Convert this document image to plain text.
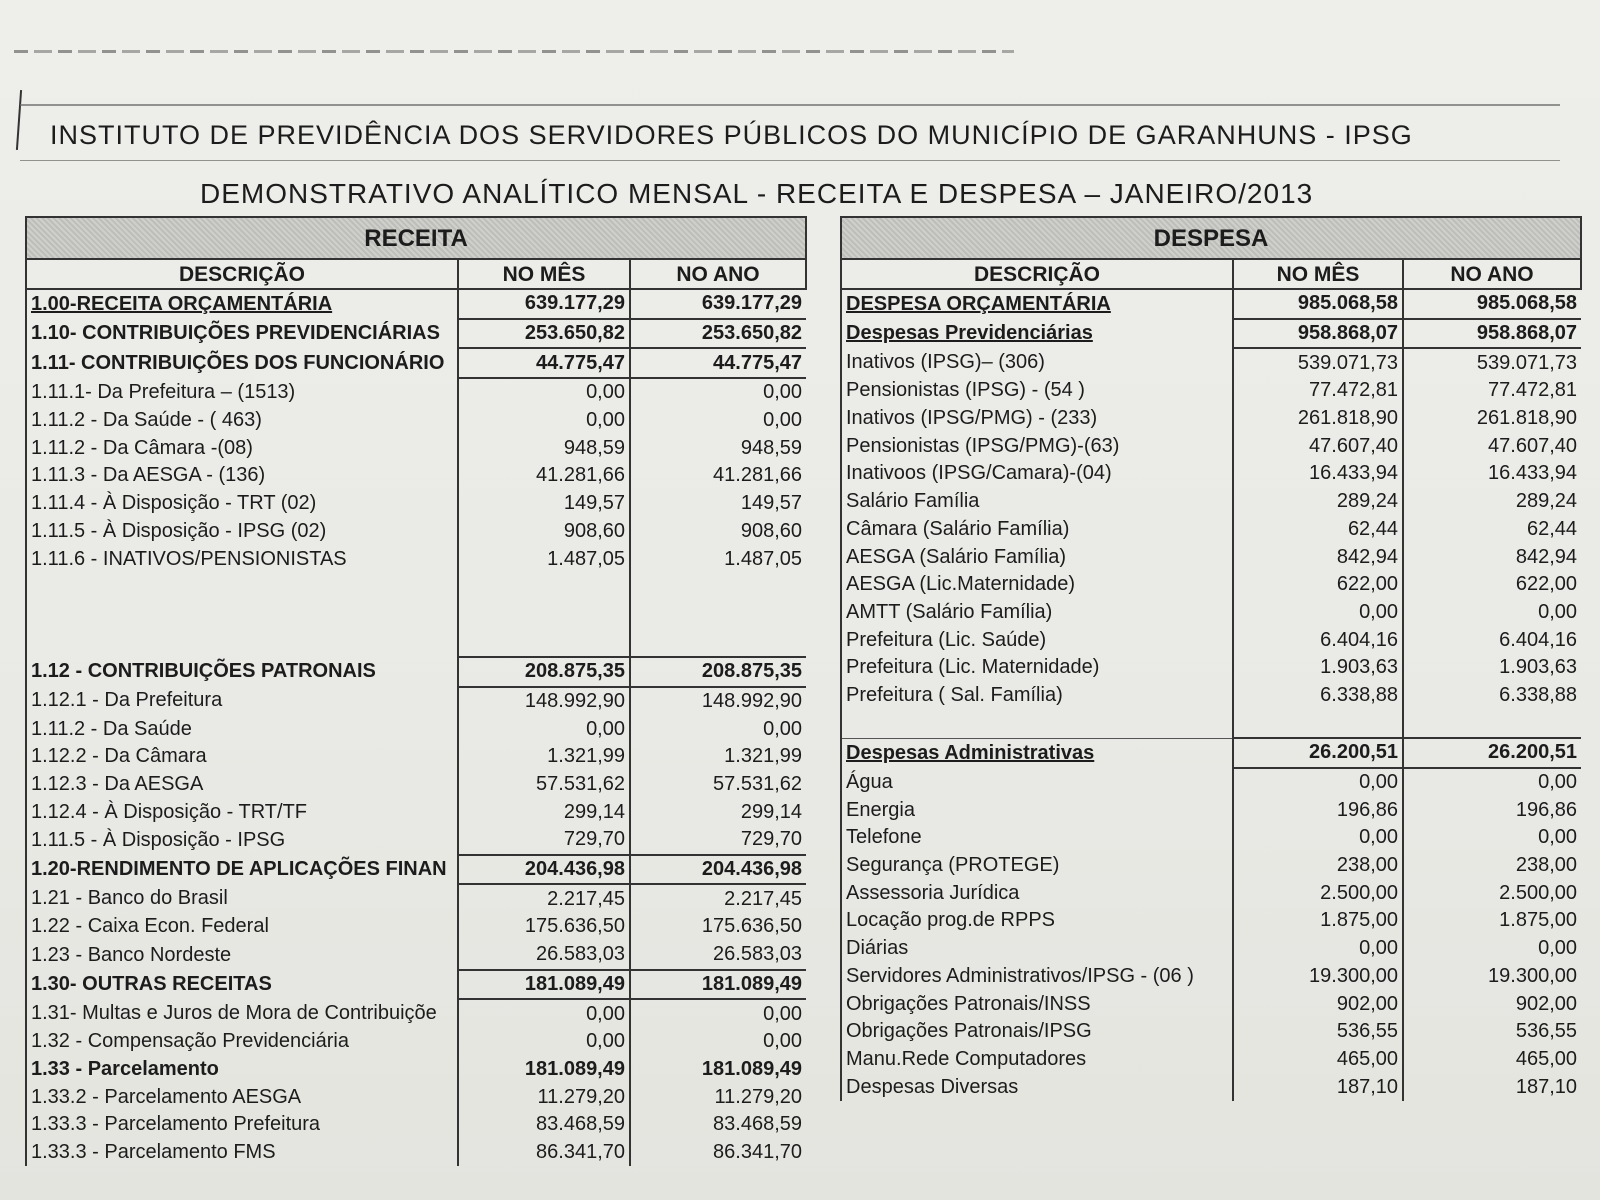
INSTITUTO DE PREVIDÊNCIA DOS SERVIDORES PÚBLICOS DO MUNICÍPIO DE GARANHUNS - IPSG
DEMONSTRATIVO ANALÍTICO MENSAL - RECEITA E DESPESA – JANEIRO/2013
RECEITA		
DESCRIÇÃO	NO MÊS	NO ANO
1.00-RECEITA ORÇAMENTÁRIA	639.177,29	639.177,29
1.10- CONTRIBUIÇÕES PREVIDENCIÁRIAS	253.650,82	253.650,82
1.11- CONTRIBUIÇÕES DOS FUNCIONÁRIO	44.775,47	44.775,47
1.11.1- Da Prefeitura – (1513)	0,00	0,00
1.11.2 - Da Saúde - ( 463)	0,00	0,00
1.11.2 - Da Câmara -(08)	948,59	948,59
1.11.3 - Da AESGA - (136)	41.281,66	41.281,66
1.11.4 - À Disposição - TRT (02)	149,57	149,57
1.11.5 - À Disposição - IPSG (02)	908,60	908,60
1.11.6 - INATIVOS/PENSIONISTAS	1.487,05	1.487,05

1.12 - CONTRIBUIÇÕES PATRONAIS	208.875,35	208.875,35
1.12.1 - Da Prefeitura	148.992,90	148.992,90
1.11.2 - Da Saúde	0,00	0,00
1.12.2 - Da Câmara	1.321,99	1.321,99
1.12.3 - Da AESGA	57.531,62	57.531,62
1.12.4 - À Disposição - TRT/TF	299,14	299,14
1.11.5 - À Disposição - IPSG	729,70	729,70
1.20-RENDIMENTO DE APLICAÇÕES FINAN	204.436,98	204.436,98
1.21 - Banco do Brasil	2.217,45	2.217,45
1.22 - Caixa Econ. Federal	175.636,50	175.636,50
1.23 - Banco Nordeste	26.583,03	26.583,03
1.30- OUTRAS RECEITAS	181.089,49	181.089,49
1.31- Multas e Juros de Mora de Contribuiçõe	0,00	0,00
1.32 - Compensação Previdenciária	0,00	0,00
1.33 - Parcelamento	181.089,49	181.089,49
1.33.2 - Parcelamento AESGA	11.279,20	11.279,20
1.33.3 - Parcelamento Prefeitura	83.468,59	83.468,59
1.33.3 - Parcelamento FMS	86.341,70	86.341,70
DESPESA		
DESCRIÇÃO	NO MÊS	NO ANO
DESPESA ORÇAMENTÁRIA	985.068,58	985.068,58
Despesas Previdenciárias	958.868,07	958.868,07
Inativos (IPSG)– (306)	539.071,73	539.071,73
Pensionistas (IPSG) - (54 )	77.472,81	77.472,81
Inativos (IPSG/PMG) - (233)	261.818,90	261.818,90
Pensionistas (IPSG/PMG)-(63)	47.607,40	47.607,40
Inativoos (IPSG/Camara)-(04)	16.433,94	16.433,94
Salário Família	289,24	289,24
Câmara (Salário Família)	62,44	62,44
AESGA (Salário Família)	842,94	842,94
AESGA (Lic.Maternidade)	622,00	622,00
AMTT (Salário Família)	0,00	0,00
Prefeitura (Lic. Saúde)	6.404,16	6.404,16
Prefeitura (Lic. Maternidade)	1.903,63	1.903,63
Prefeitura ( Sal. Família)	6.338,88	6.338,88

Despesas Administrativas	26.200,51	26.200,51
Água	0,00	0,00
Energia	196,86	196,86
Telefone	0,00	0,00
Segurança (PROTEGE)	238,00	238,00
Assessoria Jurídica	2.500,00	2.500,00
Locação prog.de RPPS	1.875,00	1.875,00
Diárias	0,00	0,00
Servidores Administrativos/IPSG - (06 )	19.300,00	19.300,00
Obrigações Patronais/INSS	902,00	902,00
Obrigações Patronais/IPSG	536,55	536,55
Manu.Rede Computadores	465,00	465,00
Despesas Diversas	187,10	187,10
